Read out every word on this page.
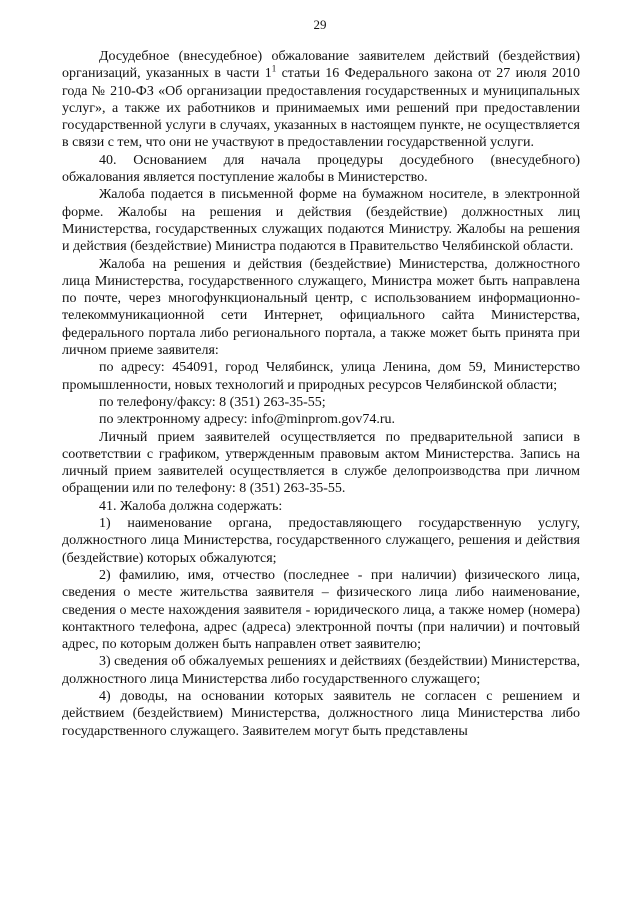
29

Досудебное (внесудебное) обжалование заявителем действий (бездействия) организаций, указанных в части $1^1$ статьи 16 Федерального закона от 27 июля 2010 года № 210-ФЗ «Об организации предоставления государственных и муниципальных услуг», а также их работников и принимаемых ими решений при предоставлении государственной услуги в случаях, указанных в настоящем пункте, не осуществляется в связи с тем, что они не участвуют в предоставлении государственной услуги.

40. Основанием для начала процедуры досудебного (внесудебного) обжалования является поступление жалобы в Министерство.

Жалоба подается в письменной форме на бумажном носителе, в электронной форме. Жалобы на решения и действия (бездействие) должностных лиц Министерства, государственных служащих подаются Министру. Жалобы на решения и действия (бездействие) Министра подаются в Правительство Челябинской области.

Жалоба на решения и действия (бездействие) Министерства, должностного лица Министерства, государственного служащего, Министра может быть направлена по почте, через многофункциональный центр, с использованием информационно-телекоммуникационной сети Интернет, официального сайта Министерства, федерального портала либо регионального портала, а также может быть принята при личном приеме заявителя:

по адресу: 454091, город Челябинск, улица Ленина, дом 59, Министерство промышленности, новых технологий и природных ресурсов Челябинской области;

по телефону/факсу: 8 (351) 263-35-55;

по электронному адресу: info@minprom.gov74.ru.

Личный прием заявителей осуществляется по предварительной записи в соответствии с графиком, утвержденным правовым актом Министерства. Запись на личный прием заявителей осуществляется в службе делопроизводства при личном обращении или по телефону: 8 (351) 263-35-55.

41. Жалоба должна содержать:

1) наименование органа, предоставляющего государственную услугу, должностного лица Министерства, государственного служащего, решения и действия (бездействие) которых обжалуются;

2) фамилию, имя, отчество (последнее - при наличии) физического лица, сведения о месте жительства заявителя – физического лица либо наименование, сведения о месте нахождения заявителя - юридического лица, а также номер (номера) контактного телефона, адрес (адреса) электронной почты (при наличии) и почтовый адрес, по которым должен быть направлен ответ заявителю;

3) сведения об обжалуемых решениях и действиях (бездействии) Министерства, должностного лица Министерства либо государственного служащего;

4) доводы, на основании которых заявитель не согласен с решением и действием (бездействием) Министерства, должностного лица Министерства либо государственного служащего. Заявителем могут быть представлены
